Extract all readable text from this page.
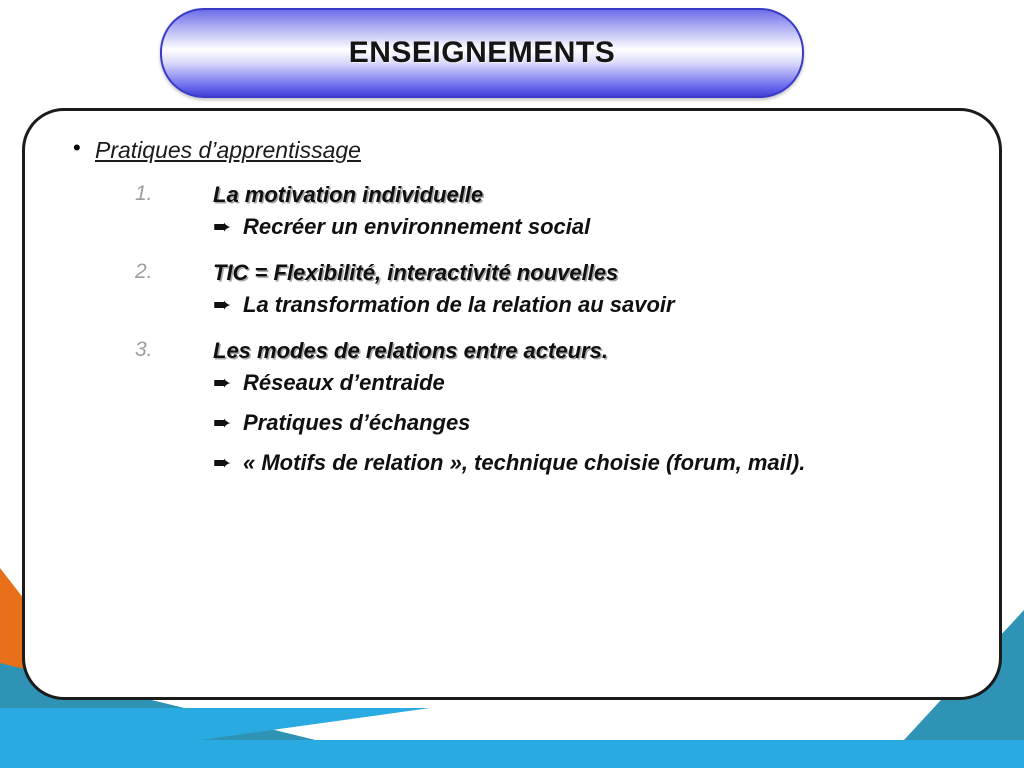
ENSEIGNEMENTS
• Pratiques d’apprentissage
1.	La motivation individuelle
➨ Recréer un environnement social
2.	TIC = Flexibilité, interactivité nouvelles
➨ La transformation de la relation au savoir
3.	Les modes de relations entre acteurs.
➨ Réseaux d’entraide
➨ Pratiques d’échanges
➨ « Motifs de relation », technique choisie (forum, mail).
